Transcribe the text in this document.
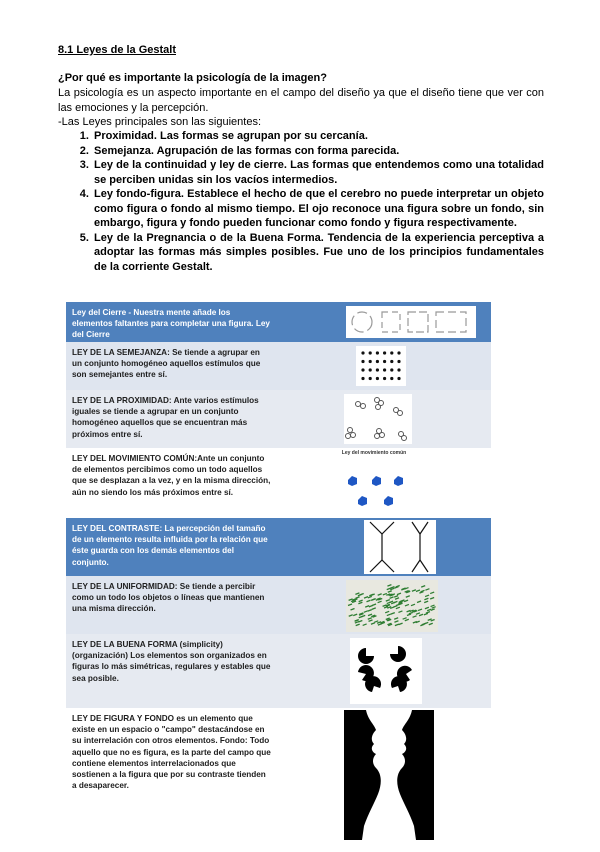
8.1 Leyes de la Gestalt
¿Por qué es importante la psicología de la imagen?
La psicología es un aspecto importante en el campo del diseño ya que el diseño tiene que ver con las emociones y la percepción.
-Las Leyes principales son las siguientes:
1. Proximidad. Las formas se agrupan por su cercanía.
2. Semejanza. Agrupación de las formas con forma parecida.
3. Ley de la continuidad y ley de cierre. Las formas que entendemos como una totalidad se perciben unidas sin los vacíos intermedios.
4. Ley fondo-figura. Establece el hecho de que el cerebro no puede interpretar un objeto como figura o fondo al mismo tiempo. El ojo reconoce una figura sobre un fondo, sin embargo, figura y fondo pueden funcionar como fondo y figura respectivamente.
5. Ley de la Pregnancia o de la Buena Forma. Tendencia de la experiencia perceptiva a adoptar las formas más simples posibles. Fue uno de los principios fundamentales de la corriente Gestalt.
Ley del Cierre - Nuestra mente añade los elementos faltantes para completar una figura. Ley del Cierre
LEY DE LA SEMEJANZA: Se tiende a agrupar en un conjunto homogéneo aquellos estímulos que son semejantes entre sí.
LEY DE LA PROXIMIDAD: Ante varios estímulos iguales se tiende a agrupar en un conjunto homogéneo aquellos que se encuentran más próximos entre sí.
LEY DEL MOVIMIENTO COMÚN:Ante un conjunto de elementos percibimos como un todo aquellos que se desplazan a la vez, y en la misma dirección, aún no siendo los más próximos entre sí.
Ley del movimiento común
LEY DEL CONTRASTE: La percepción del tamaño de un elemento resulta influida por la relación que éste guarda con los demás elementos del conjunto.
LEY DE LA UNIFORMIDAD: Se tiende a percibir como un todo los objetos o líneas que mantienen una misma dirección.
LEY DE LA BUENA FORMA (simplicity) (organización) Los elementos son organizados en figuras lo más simétricas, regulares y estables que sea posible.
LEY DE FIGURA Y FONDO es un elemento que existe en un espacio o "campo" destacándose en su interrelación con otros elementos. Fondo: Todo aquello que no es figura, es la parte del campo que contiene elementos interrelacionados que sostienen a la figura que por su contraste tienden a desaparecer.
